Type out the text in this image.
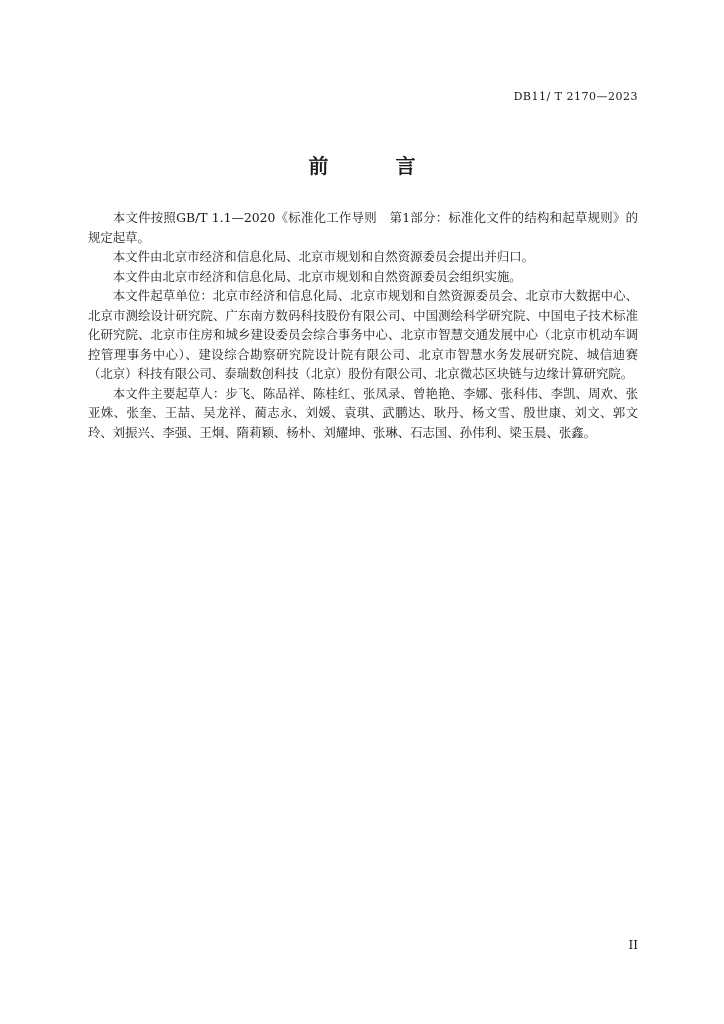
DB11/ T 2170—2023
前 言

本文件按照GB/T 1.1—2020《标准化工作导则　第1部分：标准化文件的结构和起草规则》的规定起草。

本文件由北京市经济和信息化局、北京市规划和自然资源委员会提出并归口。

本文件由北京市经济和信息化局、北京市规划和自然资源委员会组织实施。

本文件起草单位：北京市经济和信息化局、北京市规划和自然资源委员会、北京市大数据中心、北京市测绘设计研究院、广东南方数码科技股份有限公司、中国测绘科学研究院、中国电子技术标准化研究院、北京市住房和城乡建设委员会综合事务中心、北京市智慧交通发展中心（北京市机动车调控管理事务中心）、建设综合勘察研究院设计院有限公司、北京市智慧水务发展研究院、城信迪赛（北京）科技有限公司、泰瑞数创科技（北京）股份有限公司、北京微芯区块链与边缘计算研究院。

本文件主要起草人：步飞、陈品祥、陈桂红、张凤录、曾艳艳、李娜、张科伟、李凯、周欢、张亚姝、张奎、王喆、吴龙祥、蔺志永、刘媛、袁琪、武鹏达、耿丹、杨文雪、殷世康、刘文、郭文玲、刘振兴、李强、王炯、隋莉颖、杨朴、刘耀坤、张琳、石志国、孙伟利、梁玉晨、张鑫。

II
